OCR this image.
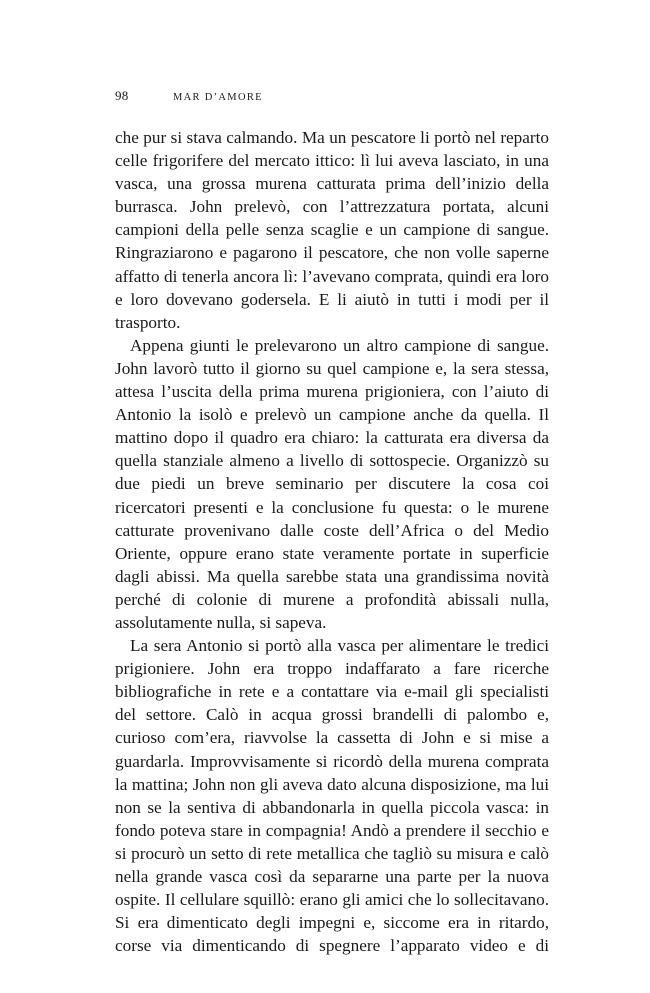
98	MAR D’AMORE

che pur si stava calmando. Ma un pescatore li portò nel reparto celle frigorifere del mercato ittico: lì lui aveva lasciato, in una vasca, una grossa murena catturata prima dell’inizio della burrasca. John prelevò, con l’attrezzatura portata, alcuni campioni della pelle senza scaglie e un campione di sangue. Ringraziarono e pagarono il pescatore, che non volle saperne affatto di tenerla ancora lì: l’avevano comprata, quindi era loro e loro dovevano godersela. E li aiutò in tutti i modi per il trasporto.

Appena giunti le prelevarono un altro campione di sangue. John lavorò tutto il giorno su quel campione e, la sera stessa, attesa l’uscita della prima murena prigioniera, con l’aiuto di Antonio la isolò e prelevò un campione anche da quella. Il mattino dopo il quadro era chiaro: la catturata era diversa da quella stanziale almeno a livello di sottospecie. Organizzò su due piedi un breve seminario per discutere la cosa coi ricercatori presenti e la conclusione fu questa: o le murene catturate provenivano dalle coste dell’Africa o del Medio Oriente, oppure erano state veramente portate in superficie dagli abissi. Ma quella sarebbe stata una grandissima novità perché di colonie di murene a profondità abissali nulla, assolutamente nulla, si sapeva.

La sera Antonio si portò alla vasca per alimentare le tredici prigioniere. John era troppo indaffarato a fare ricerche bibliografiche in rete e a contattare via e-mail gli specialisti del settore. Calò in acqua grossi brandelli di palombo e, curioso com’era, riavvolse la cassetta di John e si mise a guardarla. Improvvisamente si ricordò della murena comprata la mattina; John non gli aveva dato alcuna disposizione, ma lui non se la sentiva di abbandonarla in quella piccola vasca: in fondo poteva stare in compagnia! Andò a prendere il secchio e si procurò un setto di rete metallica che tagliò su misura e calò nella grande vasca così da separarne una parte per la nuova ospite. Il cellulare squillò: erano gli amici che lo sollecitavano. Si era dimenticato degli impegni e, siccome era in ritardo, corse via dimenticando di spegnere l’apparato video e di
